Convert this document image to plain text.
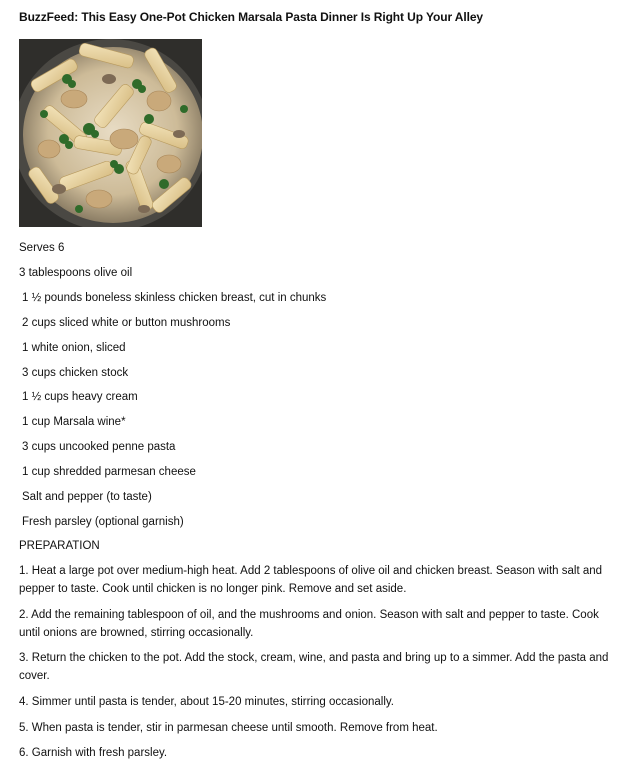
BuzzFeed: This Easy One-Pot Chicken Marsala Pasta Dinner Is Right Up Your Alley
Serves 6
3 tablespoons olive oil
1 ½ pounds boneless skinless chicken breast, cut in chunks
2 cups sliced white or button mushrooms
1 white onion, sliced
3 cups chicken stock
1 ½ cups heavy cream
1 cup Marsala wine*
3 cups uncooked penne pasta
1 cup shredded parmesan cheese
Salt and pepper (to taste)
Fresh parsley (optional garnish)
PREPARATION
1. Heat a large pot over medium-high heat. Add 2 tablespoons of olive oil and chicken breast. Season with salt and pepper to taste. Cook until chicken is no longer pink. Remove and set aside.
2. Add the remaining tablespoon of oil, and the mushrooms and onion. Season with salt and pepper to taste. Cook until onions are browned, stirring occasionally.
3. Return the chicken to the pot. Add the stock, cream, wine, and pasta and bring up to a simmer. Add the pasta and cover.
4. Simmer until pasta is tender, about 15-20 minutes, stirring occasionally.
5. When pasta is tender, stir in parmesan cheese until smooth. Remove from heat.
6. Garnish with fresh parsley.
